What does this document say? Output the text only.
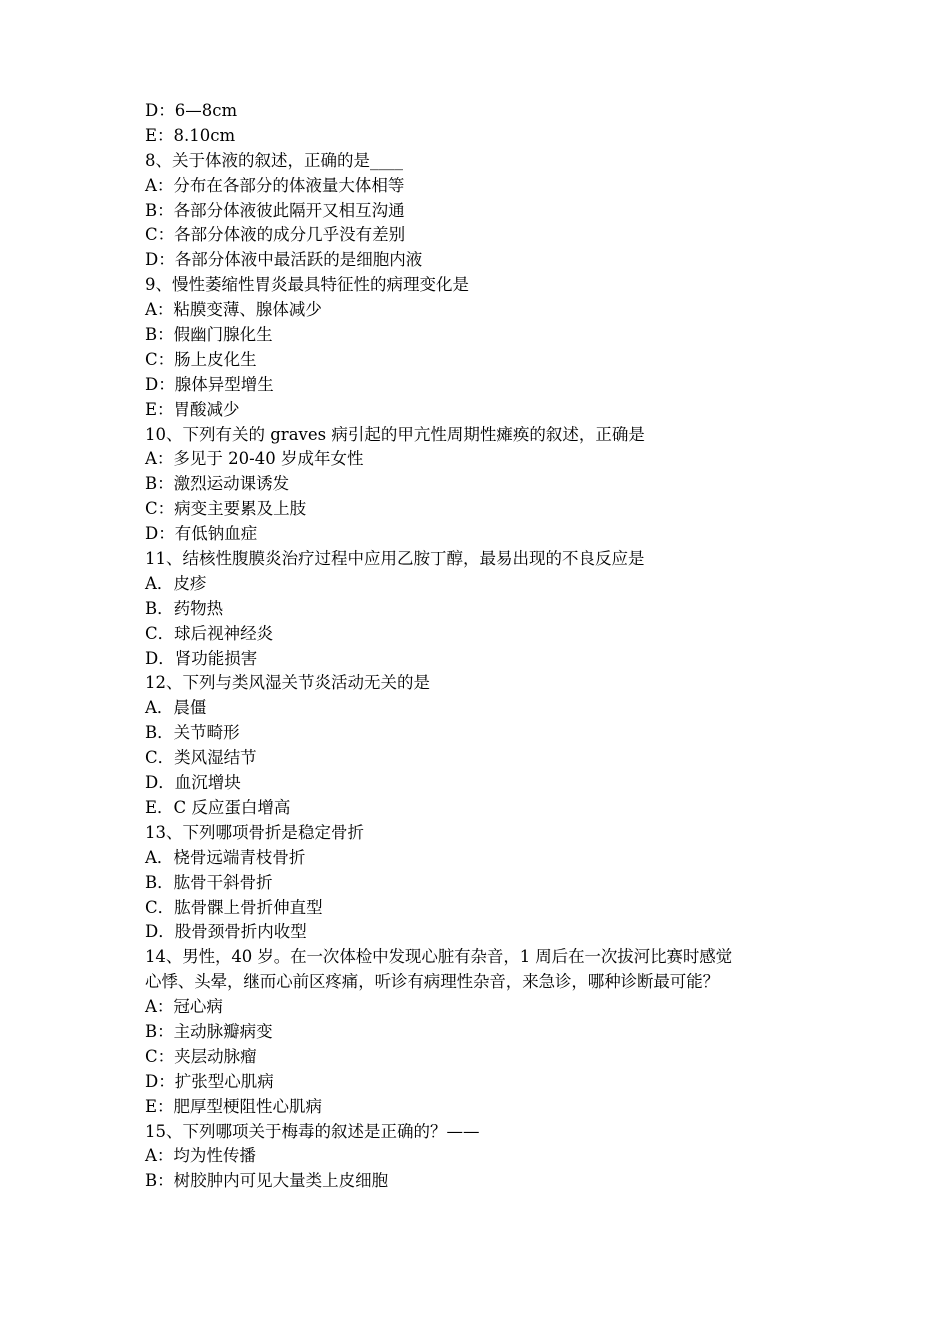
D：6—8cm
E：8.10cm
8、关于体液的叙述，正确的是____
A：分布在各部分的体液量大体相等
B：各部分体液彼此隔开又相互沟通
C：各部分体液的成分几乎没有差别
D：各部分体液中最活跃的是细胞内液
9、慢性萎缩性胃炎最具特征性的病理变化是
A：粘膜变薄、腺体减少
B：假幽门腺化生
C：肠上皮化生
D：腺体异型增生
E：胃酸减少
10、下列有关的 graves 病引起的甲亢性周期性瘫痪的叙述，正确是
A：多见于 20-40 岁成年女性
B：激烈运动课诱发
C：病变主要累及上肢
D：有低钠血症
11、结核性腹膜炎治疗过程中应用乙胺丁醇，最易出现的不良反应是
A．皮疹
B．药物热
C．球后视神经炎
D．肾功能损害
12、下列与类风湿关节炎活动无关的是
A．晨僵
B．关节畸形
C．类风湿结节
D．血沉增块
E．C 反应蛋白增高
13、下列哪项骨折是稳定骨折
A．桡骨远端青枝骨折
B．肱骨干斜骨折
C．肱骨髁上骨折伸直型
D．股骨颈骨折内收型
14、男性，40 岁。在一次体检中发现心脏有杂音，1 周后在一次拔河比赛时感觉
心悸、头晕，继而心前区疼痛，听诊有病理性杂音，来急诊，哪种诊断最可能？
A：冠心病
B：主动脉瓣病变
C：夹层动脉瘤
D：扩张型心肌病
E：肥厚型梗阻性心肌病
15、下列哪项关于梅毒的叙述是正确的？——
A：均为性传播
B：树胶肿内可见大量类上皮细胞
